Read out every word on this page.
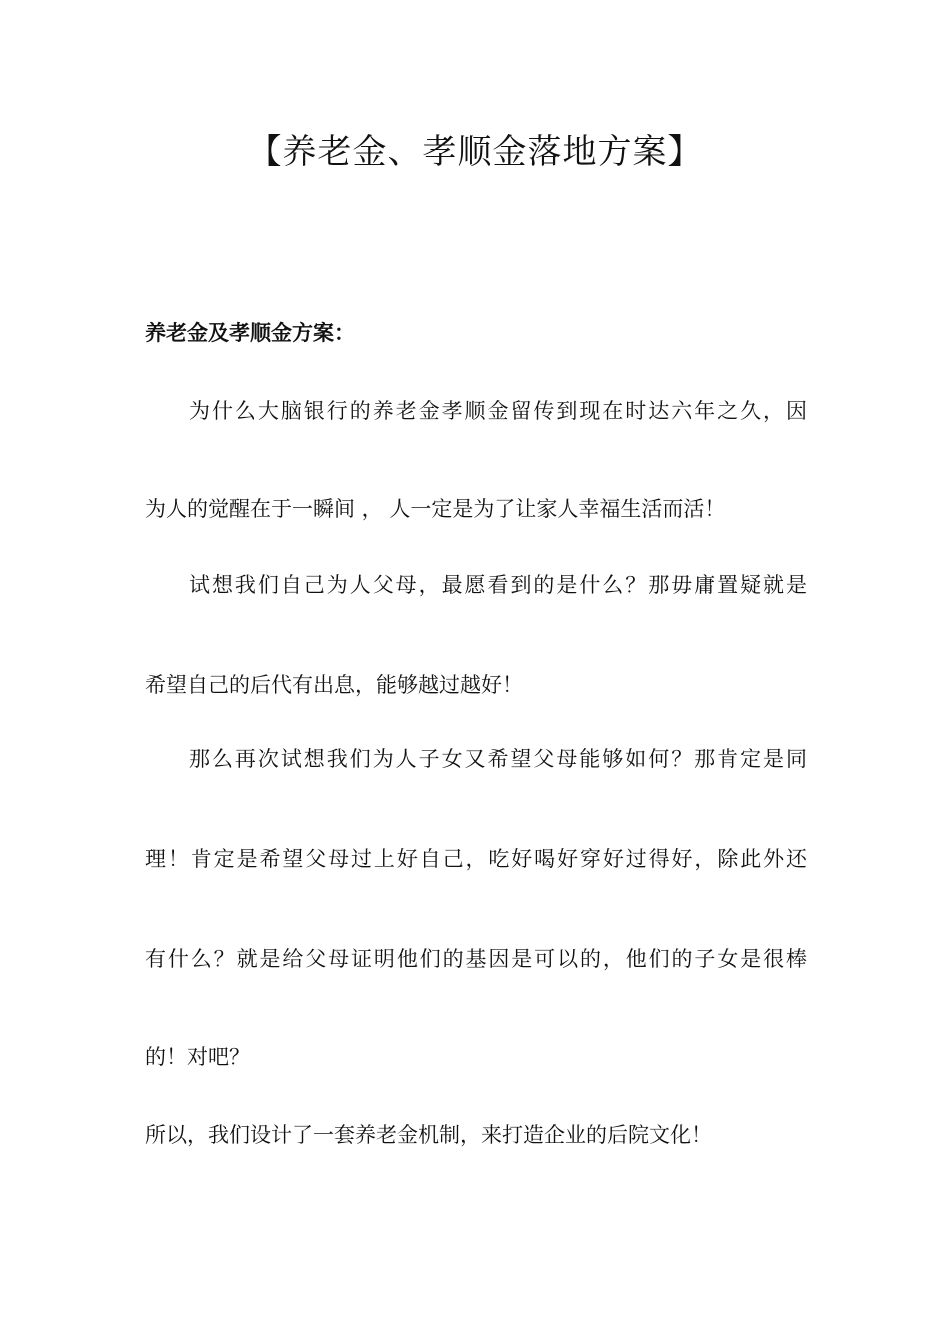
【养老金、孝顺金落地方案】
养老金及孝顺金方案：
为什么大脑银行的养老金孝顺金留传到现在时达六年之久，因
为人的觉醒在于一瞬间 ， 人一定是为了让家人幸福生活而活！
试想我们自己为人父母，最愿看到的是什么？那毋庸置疑就是
希望自己的后代有出息，能够越过越好！
那么再次试想我们为人子女又希望父母能够如何？那肯定是同
理！肯定是希望父母过上好自己，吃好喝好穿好过得好，除此外还
有什么？就是给父母证明他们的基因是可以的，他们的子女是很棒
的！对吧？
所以，我们设计了一套养老金机制，来打造企业的后院文化！
